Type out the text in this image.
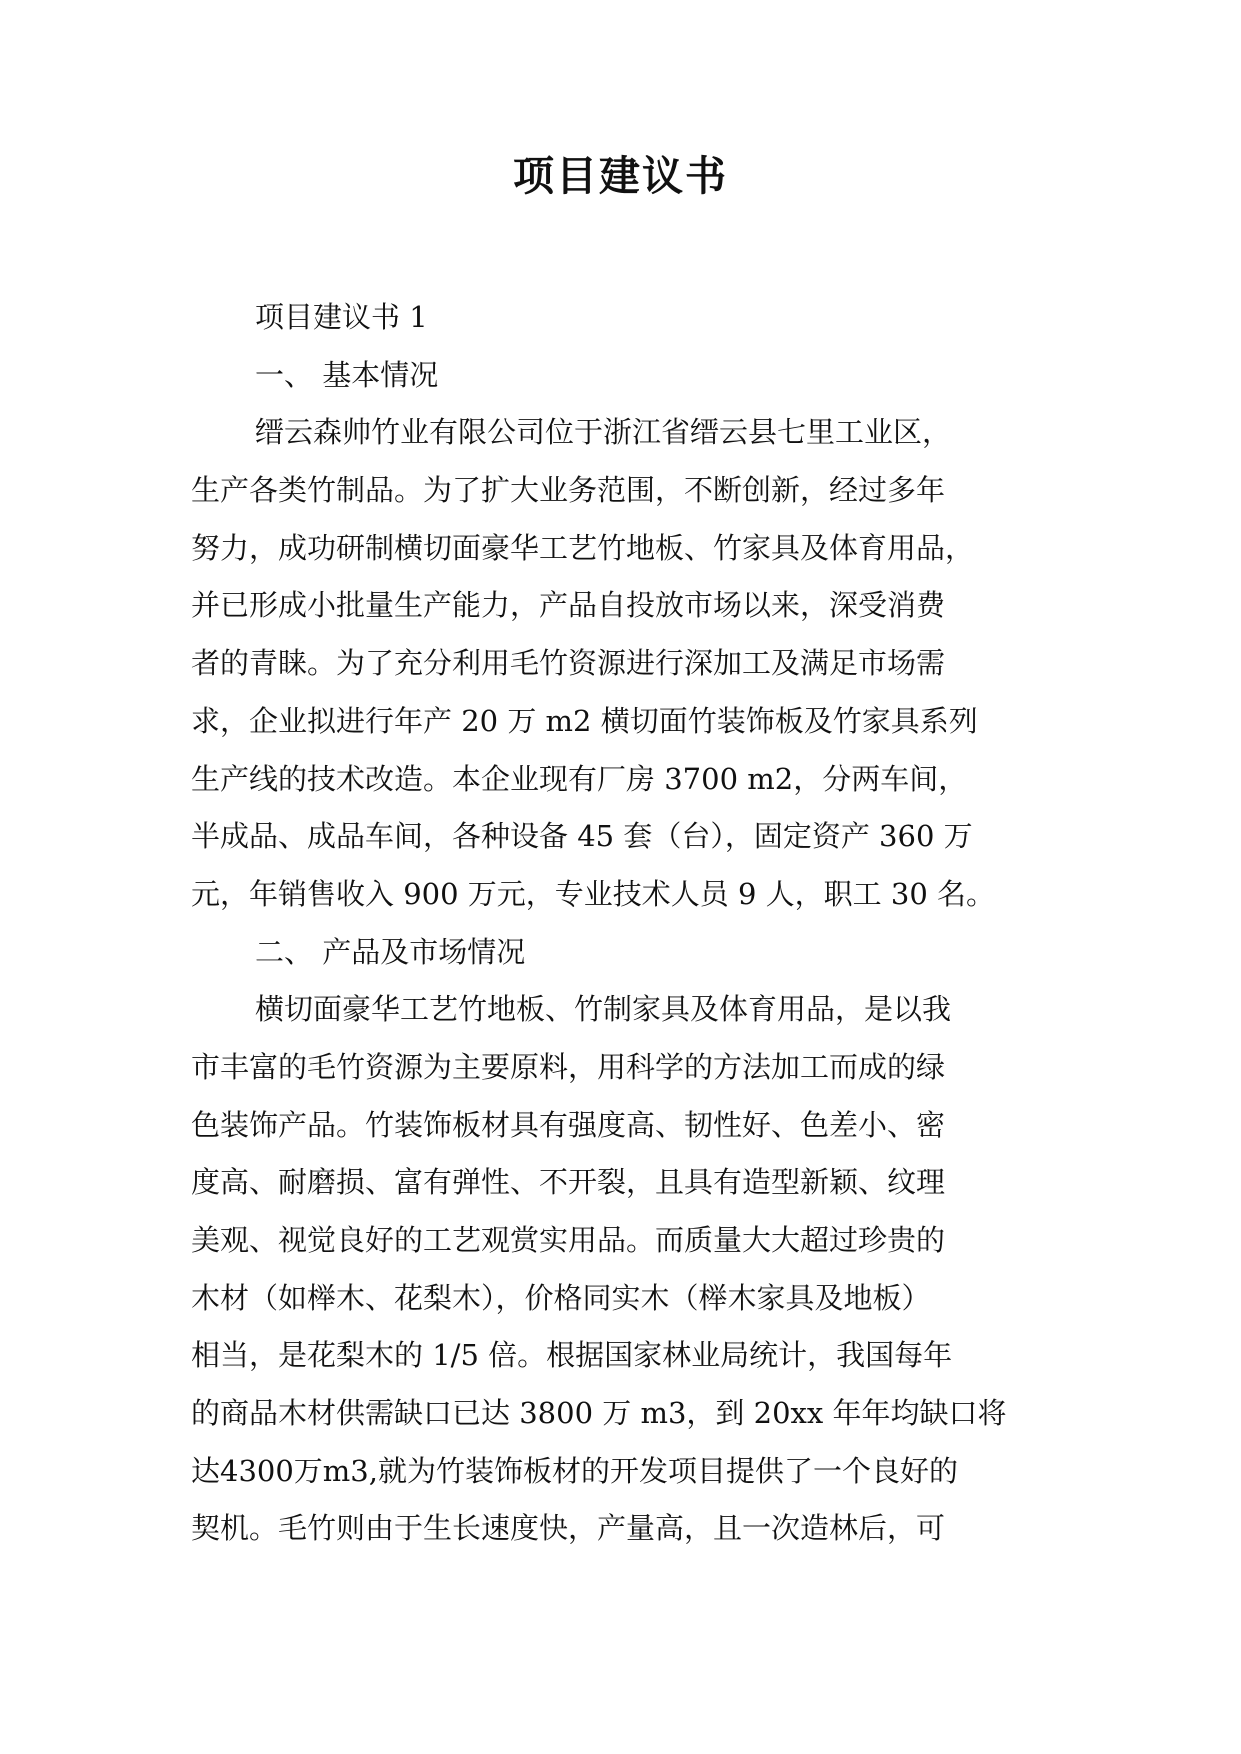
项目建议书
项目建议书 1
一、 基本情况
缙云森帅竹业有限公司位于浙江省缙云县七里工业区，
生产各类竹制品。为了扩大业务范围，不断创新，经过多年
努力，成功研制横切面豪华工艺竹地板、竹家具及体育用品，
并已形成小批量生产能力，产品自投放市场以来，深受消费
者的青睐。为了充分利用毛竹资源进行深加工及满足市场需
求，企业拟进行年产 20 万 m2 横切面竹装饰板及竹家具系列
生产线的技术改造。本企业现有厂房 3700 m2，分两车间，
半成品、成品车间，各种设备 45 套（台），固定资产 360 万
元，年销售收入 900 万元，专业技术人员 9 人，职工 30 名。
二、 产品及市场情况
横切面豪华工艺竹地板、竹制家具及体育用品，是以我
市丰富的毛竹资源为主要原料，用科学的方法加工而成的绿
色装饰产品。竹装饰板材具有强度高、韧性好、色差小、密
度高、耐磨损、富有弹性、不开裂，且具有造型新颖、纹理
美观、视觉良好的工艺观赏实用品。而质量大大超过珍贵的
木材（如榉木、花梨木），价格同实木（榉木家具及地板）
相当，是花梨木的 1/5 倍。根据国家林业局统计，我国每年
的商品木材供需缺口已达 3800 万 m3，到 20xx 年年均缺口将
达4300万m3,就为竹装饰板材的开发项目提供了一个良好的
契机。毛竹则由于生长速度快，产量高，且一次造林后，可
